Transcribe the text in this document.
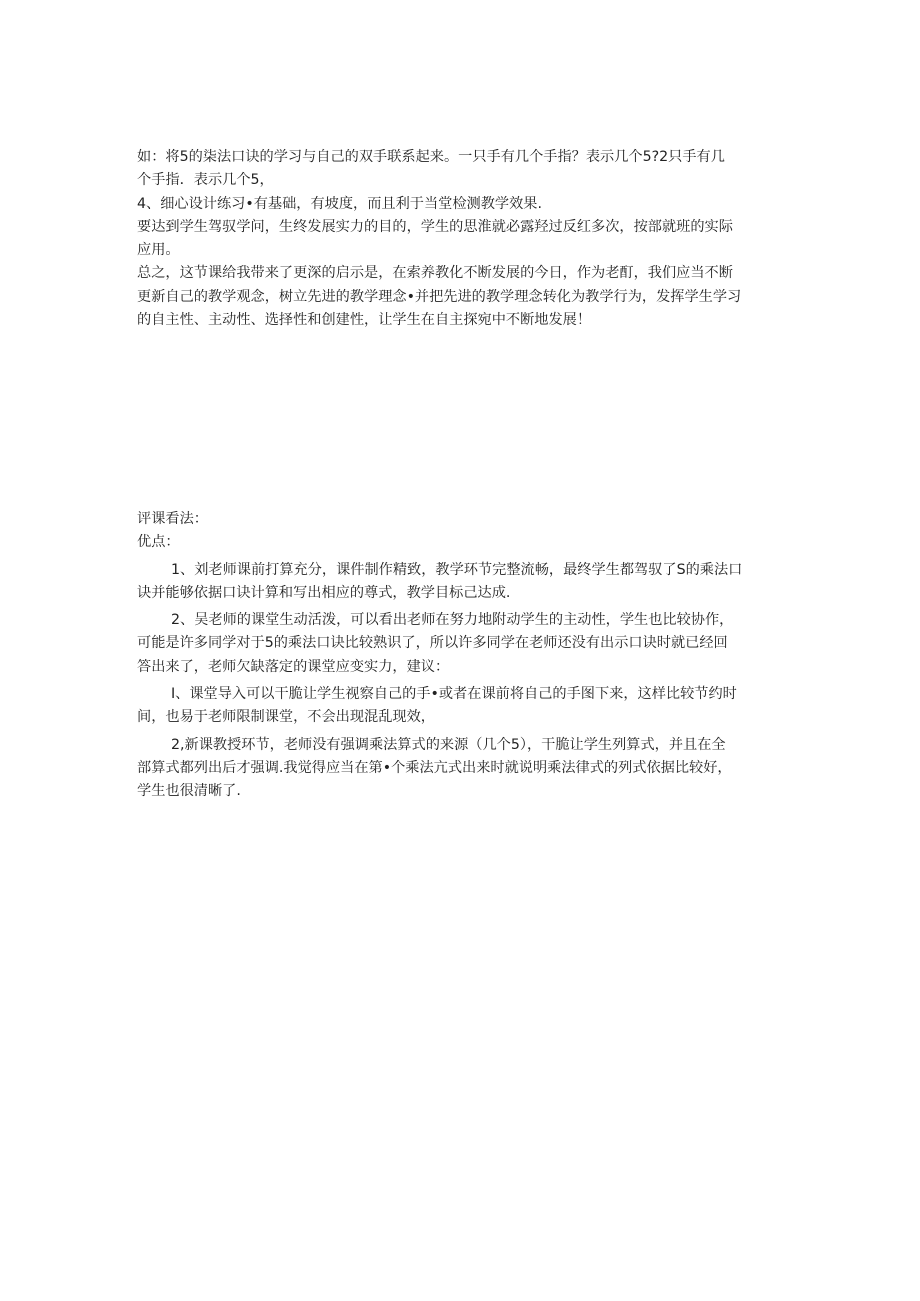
如：将5的柒法口诀的学习与自己的双手联系起来。一只手有几个手指？表示几个5?2只手有几
个手指．表示几个5，
4、细心设计练习•有基础，有坡度，而且利于当堂检测教学效果.
要达到学生驾驭学问，生终发展实力的目的，学生的思淮就必露羟过反红多次，按部就班的实际
应用。
总之，这节课给我带来了更深的启示是，在索养教化不断发展的今日，作为老酊，我们应当不断
更新自己的教学观念，树立先进的教学理念•并把先进的教学理念转化为教学行为，发挥学生学习
的自主性、主动性、选择性和创建性，让学生在自主探宛中不断地发展！
评课看法：
优点：
1、刘老师课前打算充分，课件制作精致，教学环节完整流畅，最终学生都驾驭了S的乘法口
诀并能够依据口诀计算和写出相应的尊式，教学目标己达成.
2、吴老师的课堂生动活泼，可以看出老师在努力地附动学生的主动性，学生也比较协作，
可能是许多同学对于5的乘法口诀比较熟识了，所以许多同学在老师还没有出示口诀时就已经回
答出来了，老师欠缺落定的课堂应变实力，建议：
I、课堂导入可以干脆让学生视察自己的手•或者在课前将自己的手图下来，这样比较节约时
间，也易于老师限制课堂，不会出现混乱现效，
2,新课教授环节，老师没有强调乘法算式的来源（几个5），干脆让学生列算式，并且在全
部算式都列出后才强调.我觉得应当在第•个乘法亢式出来时就说明乘法律式的列式依据比较好，
学生也很清晰了.
